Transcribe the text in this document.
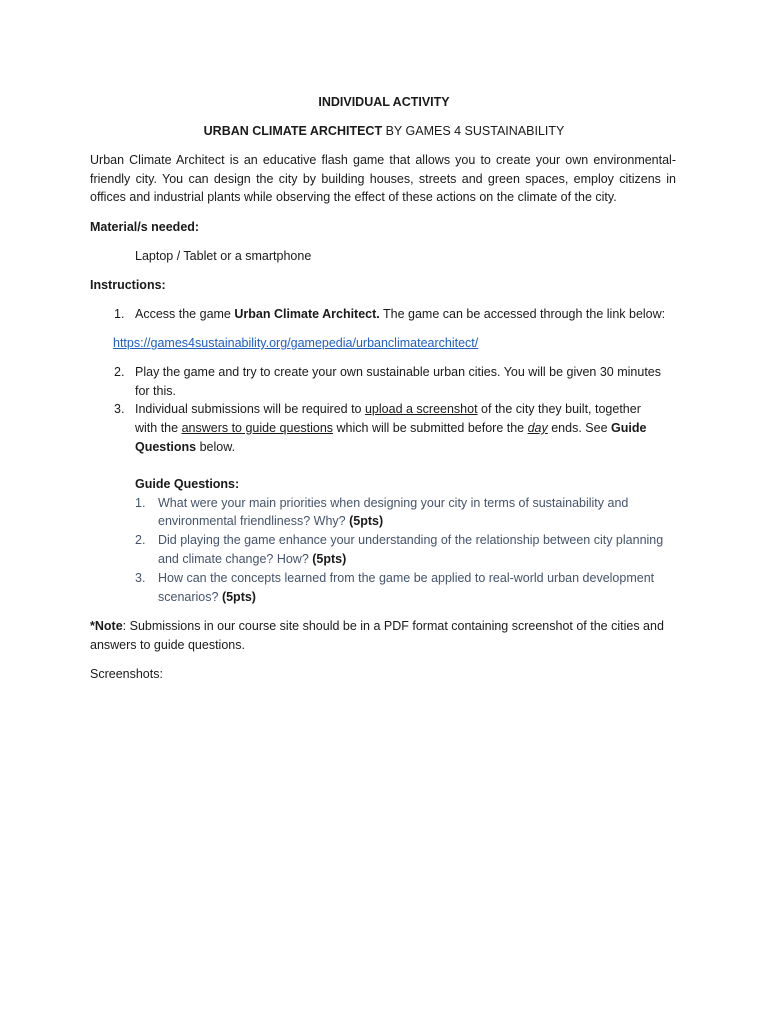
INDIVIDUAL ACTIVITY
URBAN CLIMATE ARCHITECT BY GAMES 4 SUSTAINABILITY
Urban Climate Architect is an educative flash game that allows you to create your own environmental-
friendly city. You can design the city by building houses, streets and green spaces, employ citizens in
offices and industrial plants while observing the effect of these actions on the climate of the city.
Material/s needed:
Laptop / Tablet or a smartphone
Instructions:
1. Access the game Urban Climate Architect. The game can be accessed through the link below:
https://games4sustainability.org/gamepedia/urbanclimatearchitect/
2. Play the game and try to create your own sustainable urban cities. You will be given 30 minutes
for this.
3. Individual submissions will be required to upload a screenshot of the city they built, together
with the answers to guide questions which will be submitted before the day ends. See Guide
Questions below.
Guide Questions:
1. What were your main priorities when designing your city in terms of sustainability and
environmental friendliness? Why? (5pts)
2. Did playing the game enhance your understanding of the relationship between city planning
and climate change? How? (5pts)
3. How can the concepts learned from the game be applied to real-world urban development
scenarios? (5pts)
*Note: Submissions in our course site should be in a PDF format containing screenshot of the cities and
answers to guide questions.
Screenshots:
